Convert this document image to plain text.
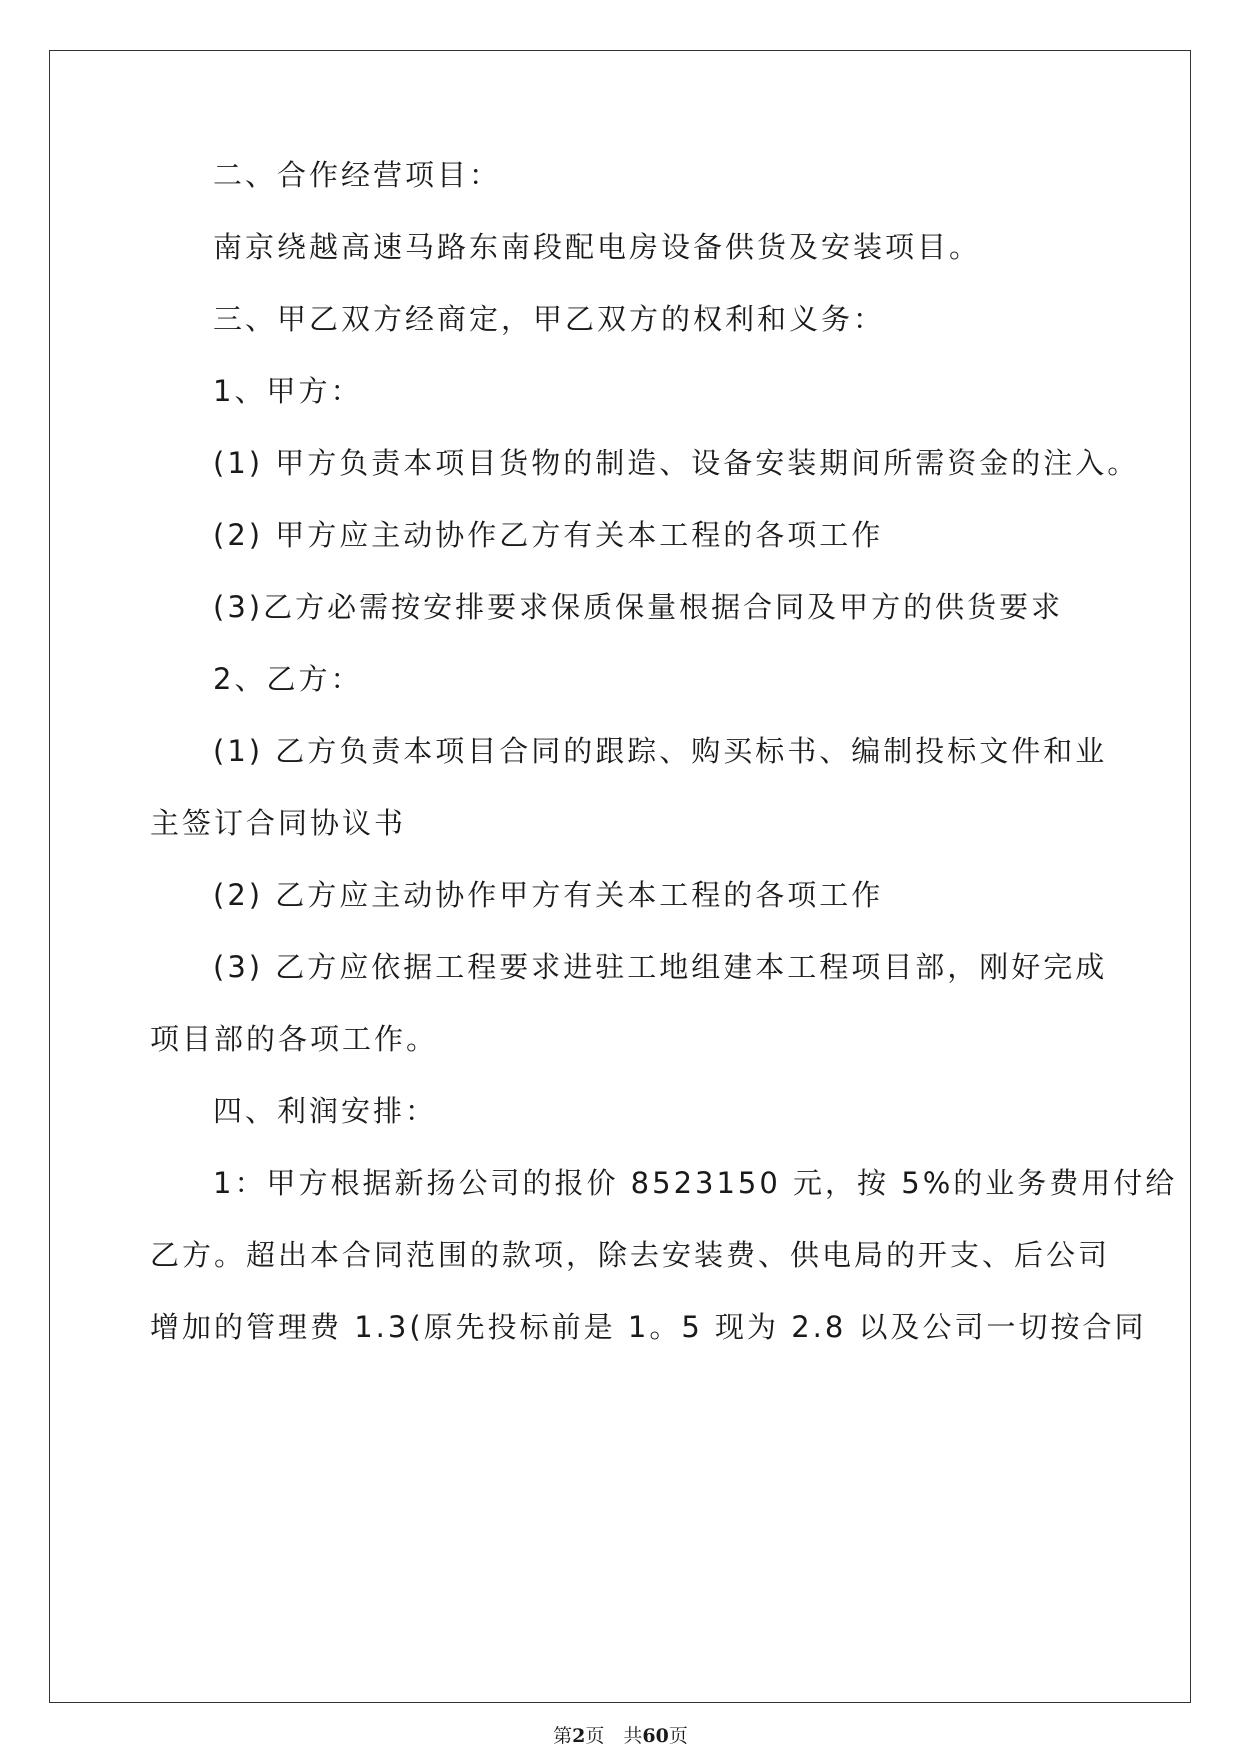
二、合作经营项目：
南京绕越高速马路东南段配电房设备供货及安装项目。
三、甲乙双方经商定，甲乙双方的权利和义务：
1、甲方：
(1) 甲方负责本项目货物的制造、设备安装期间所需资金的注入。
(2) 甲方应主动协作乙方有关本工程的各项工作
(3)乙方必需按安排要求保质保量根据合同及甲方的供货要求
2、乙方：
(1) 乙方负责本项目合同的跟踪、购买标书、编制投标文件和业
主签订合同协议书
(2) 乙方应主动协作甲方有关本工程的各项工作
(3) 乙方应依据工程要求进驻工地组建本工程项目部，刚好完成
项目部的各项工作。
四、利润安排：
1：甲方根据新扬公司的报价 8523150 元，按 5%的业务费用付给
乙方。超出本合同范围的款项，除去安装费、供电局的开支、后公司
增加的管理费 1.3(原先投标前是 1。5 现为 2.8 以及公司一切按合同
第2页　共60页
